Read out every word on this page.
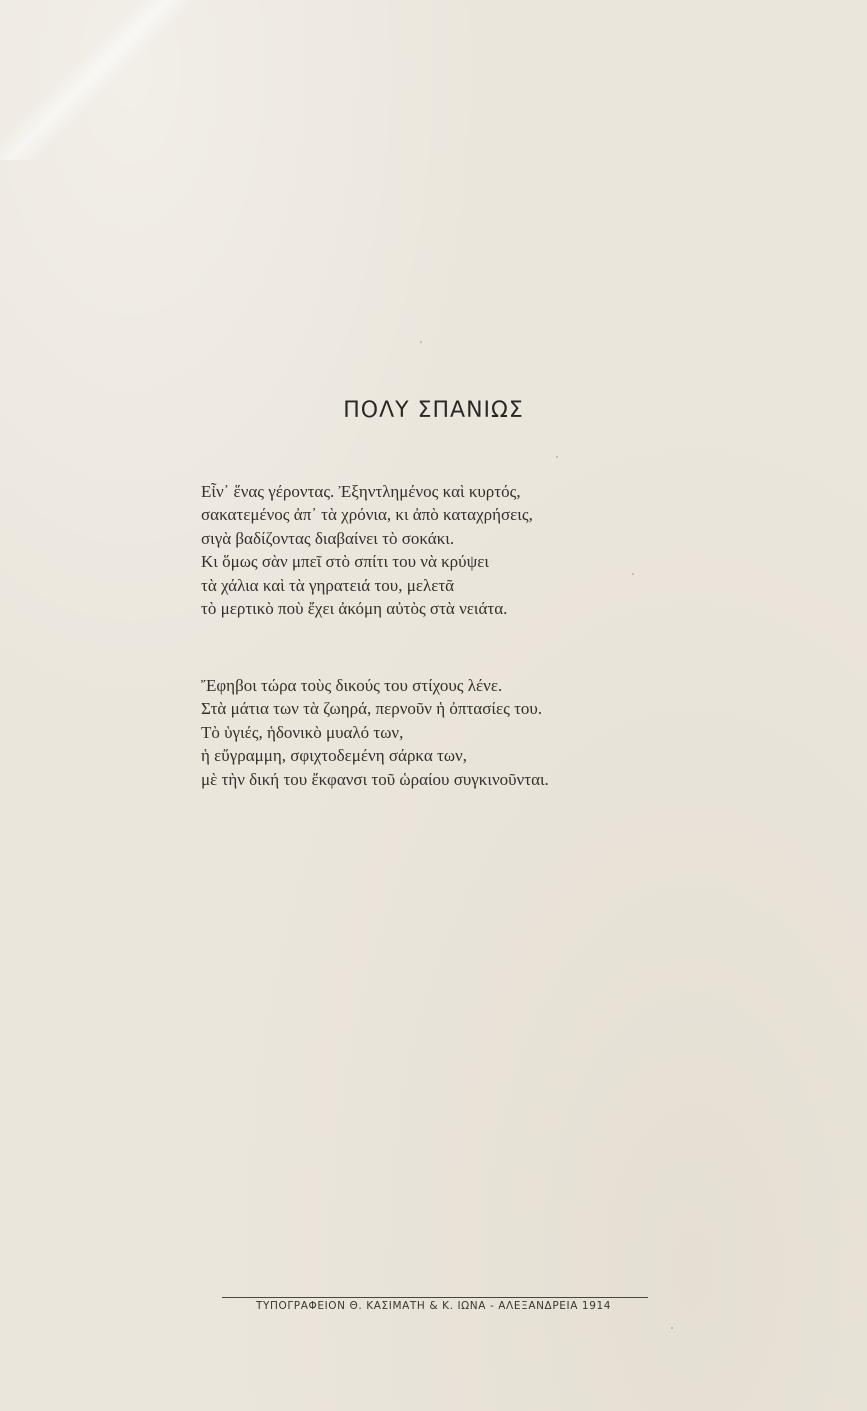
ΠΟΛΥ ΣΠΑΝΙΩΣ
Εἶν᾽ ἕνας γέροντας. Ἐξηντλημένος καὶ κυρτός,
σακατεμένος ἀπ᾽ τὰ χρόνια, κι ἀπὸ καταχρήσεις,
σιγὰ βαδίζοντας διαβαίνει τὸ σοκάκι.
Κι ὅμως σὰν μπεῖ στὸ σπίτι του νὰ κρύψει
τὰ χάλια καὶ τὰ γηρατειά του, μελετᾶ
τὸ μερτικὸ ποὺ ἔχει ἀκόμη αὐτὸς στὰ νειάτα.
Ἔφηβοι τώρα τοὺς δικούς του στίχους λένε.
Στὰ μάτια των τὰ ζωηρά, περνοῦν ἡ ὀπτασίες του.
Τὸ ὑγιές, ἡδονικὸ μυαλό των,
ἡ εὔγραμμη, σφιχτοδεμένη σάρκα των,
μὲ τὴν δική του ἔκφανσι τοῦ ὡραίου συγκινοῦνται.
ΤΥΠΟΓΡΑΦΕΙΟΝ Θ. ΚΑΣΙΜΑΤΗ & Κ. ΙΩΝΑ - ΑΛΕΞΑΝΔΡΕΙΑ 1914
